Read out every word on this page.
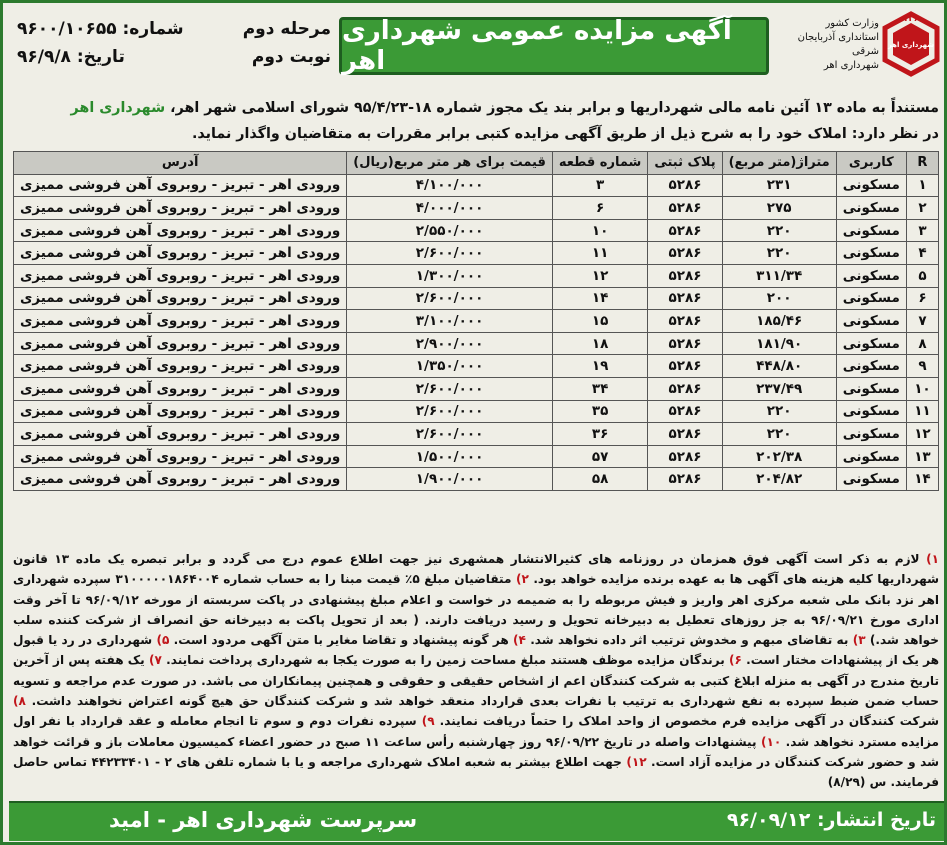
مرحله دوم
نوبت دوم
شماره: ۹۶۰۰/۱۰۶۵۵
تاریخ: ۹۶/۹/۸
آگهی مزایده عمومی شهرداری اهر
وزارت کشور
استانداری آذربایجان شرقی
شهرداری اهر
۱۳۶
شهرداری اهر
مستنداً به ماده ۱۳ آئین نامه مالی شهرداریها و برابر بند یک مجوز شماره ۱۸-۹۵/۴/۲۳ شورای اسلامی شهر اهر، شهرداری اهر
در نظر دارد: املاک خود را به شرح ذیل از طریق آگهی مزایده کتبی برابر مقررات به متقاضیان واگذار نماید.
R	کاربری	متراژ(متر مربع)	پلاک ثبتی	شماره قطعه	قیمت برای هر متر مربع(ریال)	آدرس
۱	مسکونی	۲۳۱	۵۲۸۶	۳	۴/۱۰۰/۰۰۰	ورودی اهر - تبریز - روبروی آهن فروشی ممیزی
۲	مسکونی	۲۷۵	۵۲۸۶	۶	۴/۰۰۰/۰۰۰	ورودی اهر - تبریز - روبروی آهن فروشی ممیزی
۳	مسکونی	۲۲۰	۵۲۸۶	۱۰	۲/۵۵۰/۰۰۰	ورودی اهر - تبریز - روبروی آهن فروشی ممیزی
۴	مسکونی	۲۲۰	۵۲۸۶	۱۱	۲/۶۰۰/۰۰۰	ورودی اهر - تبریز - روبروی آهن فروشی ممیزی
۵	مسکونی	۳۱۱/۳۴	۵۲۸۶	۱۲	۱/۳۰۰/۰۰۰	ورودی اهر - تبریز - روبروی آهن فروشی ممیزی
۶	مسکونی	۲۰۰	۵۲۸۶	۱۴	۲/۶۰۰/۰۰۰	ورودی اهر - تبریز - روبروی آهن فروشی ممیزی
۷	مسکونی	۱۸۵/۴۶	۵۲۸۶	۱۵	۳/۱۰۰/۰۰۰	ورودی اهر - تبریز - روبروی آهن فروشی ممیزی
۸	مسکونی	۱۸۱/۹۰	۵۲۸۶	۱۸	۲/۹۰۰/۰۰۰	ورودی اهر - تبریز - روبروی آهن فروشی ممیزی
۹	مسکونی	۴۴۸/۸۰	۵۲۸۶	۱۹	۱/۳۵۰/۰۰۰	ورودی اهر - تبریز - روبروی آهن فروشی ممیزی
۱۰	مسکونی	۲۳۷/۴۹	۵۲۸۶	۳۴	۲/۶۰۰/۰۰۰	ورودی اهر - تبریز - روبروی آهن فروشی ممیزی
۱۱	مسکونی	۲۲۰	۵۲۸۶	۳۵	۲/۶۰۰/۰۰۰	ورودی اهر - تبریز - روبروی آهن فروشی ممیزی
۱۲	مسکونی	۲۲۰	۵۲۸۶	۳۶	۲/۶۰۰/۰۰۰	ورودی اهر - تبریز - روبروی آهن فروشی ممیزی
۱۳	مسکونی	۲۰۲/۳۸	۵۲۸۶	۵۷	۱/۵۰۰/۰۰۰	ورودی اهر - تبریز - روبروی آهن فروشی ممیزی
۱۴	مسکونی	۲۰۴/۸۲	۵۲۸۶	۵۸	۱/۹۰۰/۰۰۰	ورودی اهر - تبریز - روبروی آهن فروشی ممیزی
۱) لازم به ذکر است آگهی فوق همزمان در روزنامه های کثیرالانتشار همشهری نیز جهت اطلاع عموم درج می گردد و برابر تبصره یک ماده ۱۳ قانون شهرداریها کلیه هزینه های آگهی ها به عهده برنده مزایده خواهد بود. ۲) متقاضیان مبلغ ۵٪ قیمت مبنا را به حساب شماره ۳۱۰۰۰۰۰۱۸۶۴۰۰۴ سپرده شهرداری اهر نزد بانک ملی شعبه مرکزی اهر واریز و فیش مربوطه را به ضمیمه در خواست و اعلام مبلغ پیشنهادی در پاکت سربسته از مورخه ۹۶/۰۹/۱۲ تا آخر وقت اداری مورخ ۹۶/۰۹/۲۱ به جز روزهای تعطیل به دبیرخانه تحویل و رسید دریافت دارند. ( بعد از تحویل پاکت به دبیرخانه حق انصراف از شرکت کننده سلب خواهد شد.) ۳) به تقاضای مبهم و مخدوش ترتیب اثر داده نخواهد شد. ۴) هر گونه پیشنهاد و تقاضا مغایر با متن آگهی مردود است. ۵) شهرداری در رد یا قبول هر یک از پیشنهادات مختار است. ۶) برندگان مزایده موظف هستند مبلغ مساحت زمین را به صورت یکجا به شهرداری پرداخت نمایند. ۷) یک هفته پس از آخرین تاریخ مندرج در آگهی به منزله ابلاغ کتبی به شرکت کنندگان اعم از اشخاص حقیقی و حقوقی و همچنین پیمانکاران می باشد. در صورت عدم مراجعه و تسویه حساب ضمن ضبط سپرده به نفع شهرداری به ترتیب با نفرات بعدی قرارداد منعقد خواهد شد و شرکت کنندگان حق هیچ گونه اعتراض نخواهند داشت. ۸) شرکت کنندگان در آگهی مزایده فرم مخصوص از واحد املاک را حتماً دریافت نمایند. ۹) سپرده نفرات دوم و سوم تا انجام معامله و عقد قرارداد با نفر اول مزایده مسترد نخواهد شد. ۱۰) پیشنهادات واصله در تاریخ ۹۶/۰۹/۲۲ روز چهارشنبه رأس ساعت ۱۱ صبح در حضور اعضاء کمیسیون معاملات باز و قرائت خواهد شد و حضور شرکت کنندگان در مزایده آزاد است. ۱۲) جهت اطلاع بیشتر به شعبه املاک شهرداری مراجعه و یا با شماره تلفن های ۲ - ۴۴۲۳۳۴۰۱ تماس حاصل فرمایند. س (۸/۲۹)
تاریخ انتشار: ۹۶/۰۹/۱۲
سرپرست شهرداری اهر - امید
